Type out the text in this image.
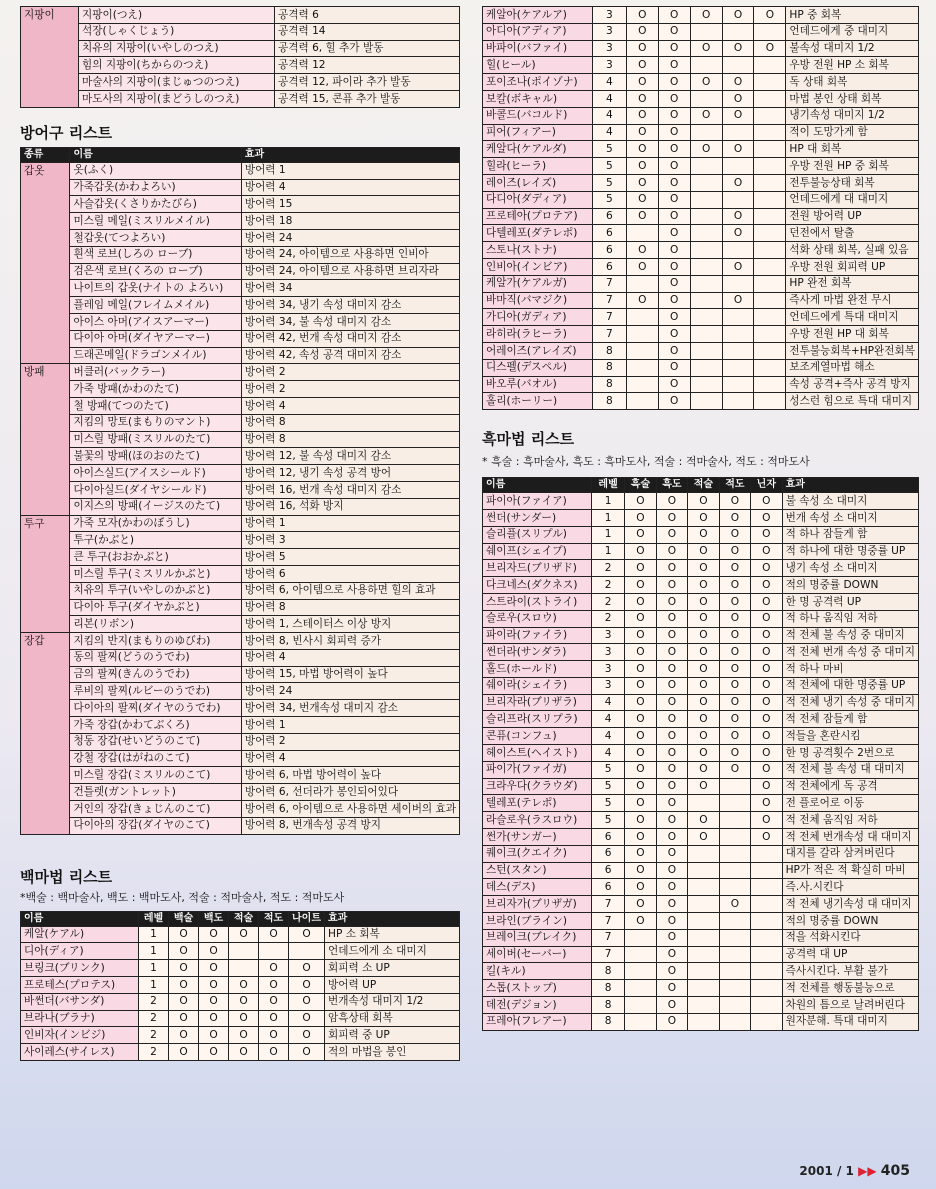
지팡이	지팡이(つえ)	공격력 6
	석장(しゃくじょう)	공격력 14
	치유의 지팡이(いやしのつえ)	공격력 6, 힐 추가 발동
	힘의 지팡이(ちからのつえ)	공격력 12
	마술사의 지팡이(まじゅつのつえ)	공격력 12, 파이라 추가 발동
	마도사의 지팡이(まどうしのつえ)	공격력 15, 콘퓨 추가 발동
방어구 리스트
종류	이름	효과
갑옷	옷(ふく)	방어력 1
	가죽갑옷(かわよろい)	방어력 4
	사슬갑옷(くさりかたびら)	방어력 15
	미스릴 메일(ミスリルメイル)	방어력 18
	철갑옷(てつよろい)	방어력 24
	흰색 로브(しろの ローブ)	방어력 24, 아이템으로 사용하면 인비아
	검은색 로브(くろの ローブ)	방어력 24, 아이템으로 사용하면 브리자라
	나이트의 갑옷(ナイトの よろい)	방어력 34
	플레임 메일(フレイムメイル)	방어력 34, 냉기 속성 대미지 감소
	아이스 아머(アイスアーマー)	방어력 34, 불 속성 대미지 감소
	다이아 아머(ダイヤアーマー)	방어력 42, 번개 속성 대미지 감소
	드래곤메일(ドラゴンメイル)	방어력 42, 속성 공격 대미지 감소
방패	버클러(バックラー)	방어력 2
	가죽 방패(かわのたて)	방어력 2
	철 방패(てつのたて)	방어력 4
	지킴의 망토(まもりのマント)	방어력 8
	미스릴 방패(ミスリルのたて)	방어력 8
	불꽃의 방패(ほのおのたて)	방어력 12, 불 속성 대미지 감소
	아이스실드(アイスシールド)	방어력 12, 냉기 속성 공격 방어
	다이아실드(ダイヤシールド)	방어력 16, 번개 속성 대미지 감소
	이지스의 방패(イージスのたて)	방어력 16, 석화 방지
투구	가죽 모자(かわのぼうし)	방어력 1
	투구(かぶと)	방어력 3
	큰 투구(おおかぶと)	방어력 5
	미스릴 투구(ミスリルかぶと)	방어력 6
	치유의 투구(いやしのかぶと)	방어력 6, 아이템으로 사용하면 힐의 효과
	다이아 투구(ダイヤかぶと)	방어력 8
	리본(リボン)	방어력 1, 스테이터스 이상 방지
장갑	지킴의 반지(まもりのゆびわ)	방어력 8, 빈사시 회피력 증가
	동의 팔찌(どうのうでわ)	방어력 4
	금의 팔찌(きんのうでわ)	방어력 15, 마법 방어력이 높다
	루비의 팔찌(ルビーのうでわ)	방어력 24
	다이아의 팔찌(ダイヤのうでわ)	방어력 34, 번개속성 대미지 감소
	가죽 장갑(かわてぶくろ)	방어력 1
	청동 장갑(せいどうのこて)	방어력 2
	강철 장갑(はがねのこて)	방어력 4
	미스릴 장갑(ミスリルのこて)	방어력 6, 마법 방어력이 높다
	건틀렛(ガントレット)	방어력 6, 선더라가 봉인되어있다
	거인의 장갑(きょじんのこて)	방어력 6, 아이템으로 사용하면 세이버의 효과
	다이아의 장갑(ダイヤのこて)	방어력 8, 번개속성 공격 방지
백마법 리스트

*백술 : 백마술사, 백도 : 백마도사, 적술 : 적마술사, 적도 : 적마도사

이름	레벨	백술	백도	적술	적도	나이트	효과
케알(ケアル)	1	O	O	O	O	O	HP 소 회복
디아(ディア)	1	O	O				언데드에게 소 대미지
브링크(ブリンク)	1	O	O		O	O	회피력 소 UP
프로테스(プロテス)	1	O	O	O	O	O	방어력 UP
바썬더(バサンダ)	2	O	O	O	O	O	번개속성 대미지 1/2
브라나(ブラナ)	2	O	O	O	O	O	암흑상태 회복
인비자(インビジ)	2	O	O	O	O	O	회피력 중 UP
사이레스(サイレス)	2	O	O	O	O	O	적의 마법을 봉인
케알아(ケアルア)	3	O	O	O	O	O	HP 중 회복
아디아(アディア)	3	O	O				언데드에게 중 대미지
바파이(バファイ)	3	O	O	O	O	O	불속성 대미지 1/2
힐(ヒール)	3	O	O				우방 전원 HP 소 회복
포이조나(ポイゾナ)	4	O	O	O	O		독 상태 회복
보칼(ボキャル)	4	O	O		O		마법 봉인 상태 회복
바콜드(バコルド)	4	O	O	O	O		냉기속성 대미지 1/2
피어(フィアー)	4	O	O				적이 도망가게 함
케알다(ケアルダ)	5	O	O	O	O		HP 대 회복
힐라(ヒーラ)	5	O	O				우방 전원 HP 중 회복
레이즈(レイズ)	5	O	O		O		전투불능상태 회복
다디아(ダディア)	5	O	O				언데드에게 대 대미지
프로테아(プロテア)	6	O	O		O		전원 방어력 UP
다텔레포(ダテレポ)	6		O		O		던전에서 탈출
스토나(ストナ)	6	O	O				석화 상태 회복, 실패 있음
인비아(インビア)	6	O	O		O		우방 전원 회피력 UP
케알가(ケアルガ)	7		O				HP 완전 회복
바마직(バマジク)	7	O	O		O		즉사게 마법 완전 무시
가디아(ガディア)	7		O				언데드에게 특대 대미지
라히라(ラヒーラ)	7		O				우방 전원 HP 대 회복
어레이즈(アレイズ)	8		O				전투불능회복+HP완전회복
디스펠(デスペル)	8		O				보조계열마법 해소
바오루(バオル)	8		O				속성 공격+즉사 공격 방지
홀리(ホーリー)	8		O				성스런 힘으로 특대 대미지
흑마법 리스트

* 흑술 : 흑마술사, 흑도 : 흑마도사, 적술 : 적마술사, 적도 : 적마도사

이름	레벨	흑술	흑도	적술	적도	닌자	효과
파이아(ファイア)	1	O	O	O	O	O	불 속성 소 대미지
썬더(サンダー)	1	O	O	O	O	O	번개 속성 소 대미지
슬리플(スリプル)	1	O	O	O	O	O	적 하나 잠들게 함
쉐이프(シェイプ)	1	O	O	O	O	O	적 하나에 대한 명중률 UP
브리자드(ブリザド)	2	O	O	O	O	O	냉기 속성 소 대미지
다크네스(ダクネス)	2	O	O	O	O	O	적의 명중률 DOWN
스트라이(ストライ)	2	O	O	O	O	O	한 명 공격력 UP
슬로우(スロウ)	2	O	O	O	O	O	적 하나 움직임 저하
파이라(ファイラ)	3	O	O	O	O	O	적 전체 불 속성 중 대미지
썬더라(サンダラ)	3	O	O	O	O	O	적 전체 번개 속성 중 대미지
홀드(ホールド)	3	O	O	O	O	O	적 하나 마비
쉐이라(シェイラ)	3	O	O	O	O	O	적 전체에 대한 명중률 UP
브리자라(ブリザラ)	4	O	O	O	O	O	적 전체 냉기 속성 중 대미지
슬리프라(スリプラ)	4	O	O	O	O	O	적 전체 잠들게 함
콘퓨(コンフュ)	4	O	O	O	O	O	적들을 혼란시킴
헤이스트(ヘイスト)	4	O	O	O	O	O	한 명 공격횟수 2번으로
파이가(ファイガ)	5	O	O	O	O	O	적 전체 불 속성 대 대미지
크라우다(クラウダ)	5	O	O	O		O	적 전체에게 독 공격
텔레포(テレポ)	5	O	O			O	전 플로어로 이동
라슬로우(ラスロウ)	5	O	O	O		O	적 전체 움직임 저하
썬가(サンガー)	6	O	O	O		O	적 전체 번개속성 대 대미지
퀘이크(クエイク)	6	O	O				대지를 갈라 삼켜버린다
스턴(スタン)	6	O	O				HP가 적은 적 확실히 마비
데스(デス)	6	O	O				즉.사.시킨다
브리자가(ブリザガ)	7	O	O		O		적 전체 냉기속성 대 대미지
브라인(ブライン)	7	O	O				적의 명중률 DOWN
브레이크(ブレイク)	7		O				적을 석화시킨다
세이버(セーバー)	7		O				공격력 대 UP
킬(キル)	8		O				즉사시킨다. 부활 불가
스톱(ストップ)	8		O				적 전체를 행동불능으로
데전(デジョン)	8		O				차원의 틈으로 날려버린다
프레아(フレアー)	8		O				원자분해. 특대 대미지
2001 / 1 ▶▶ 405
